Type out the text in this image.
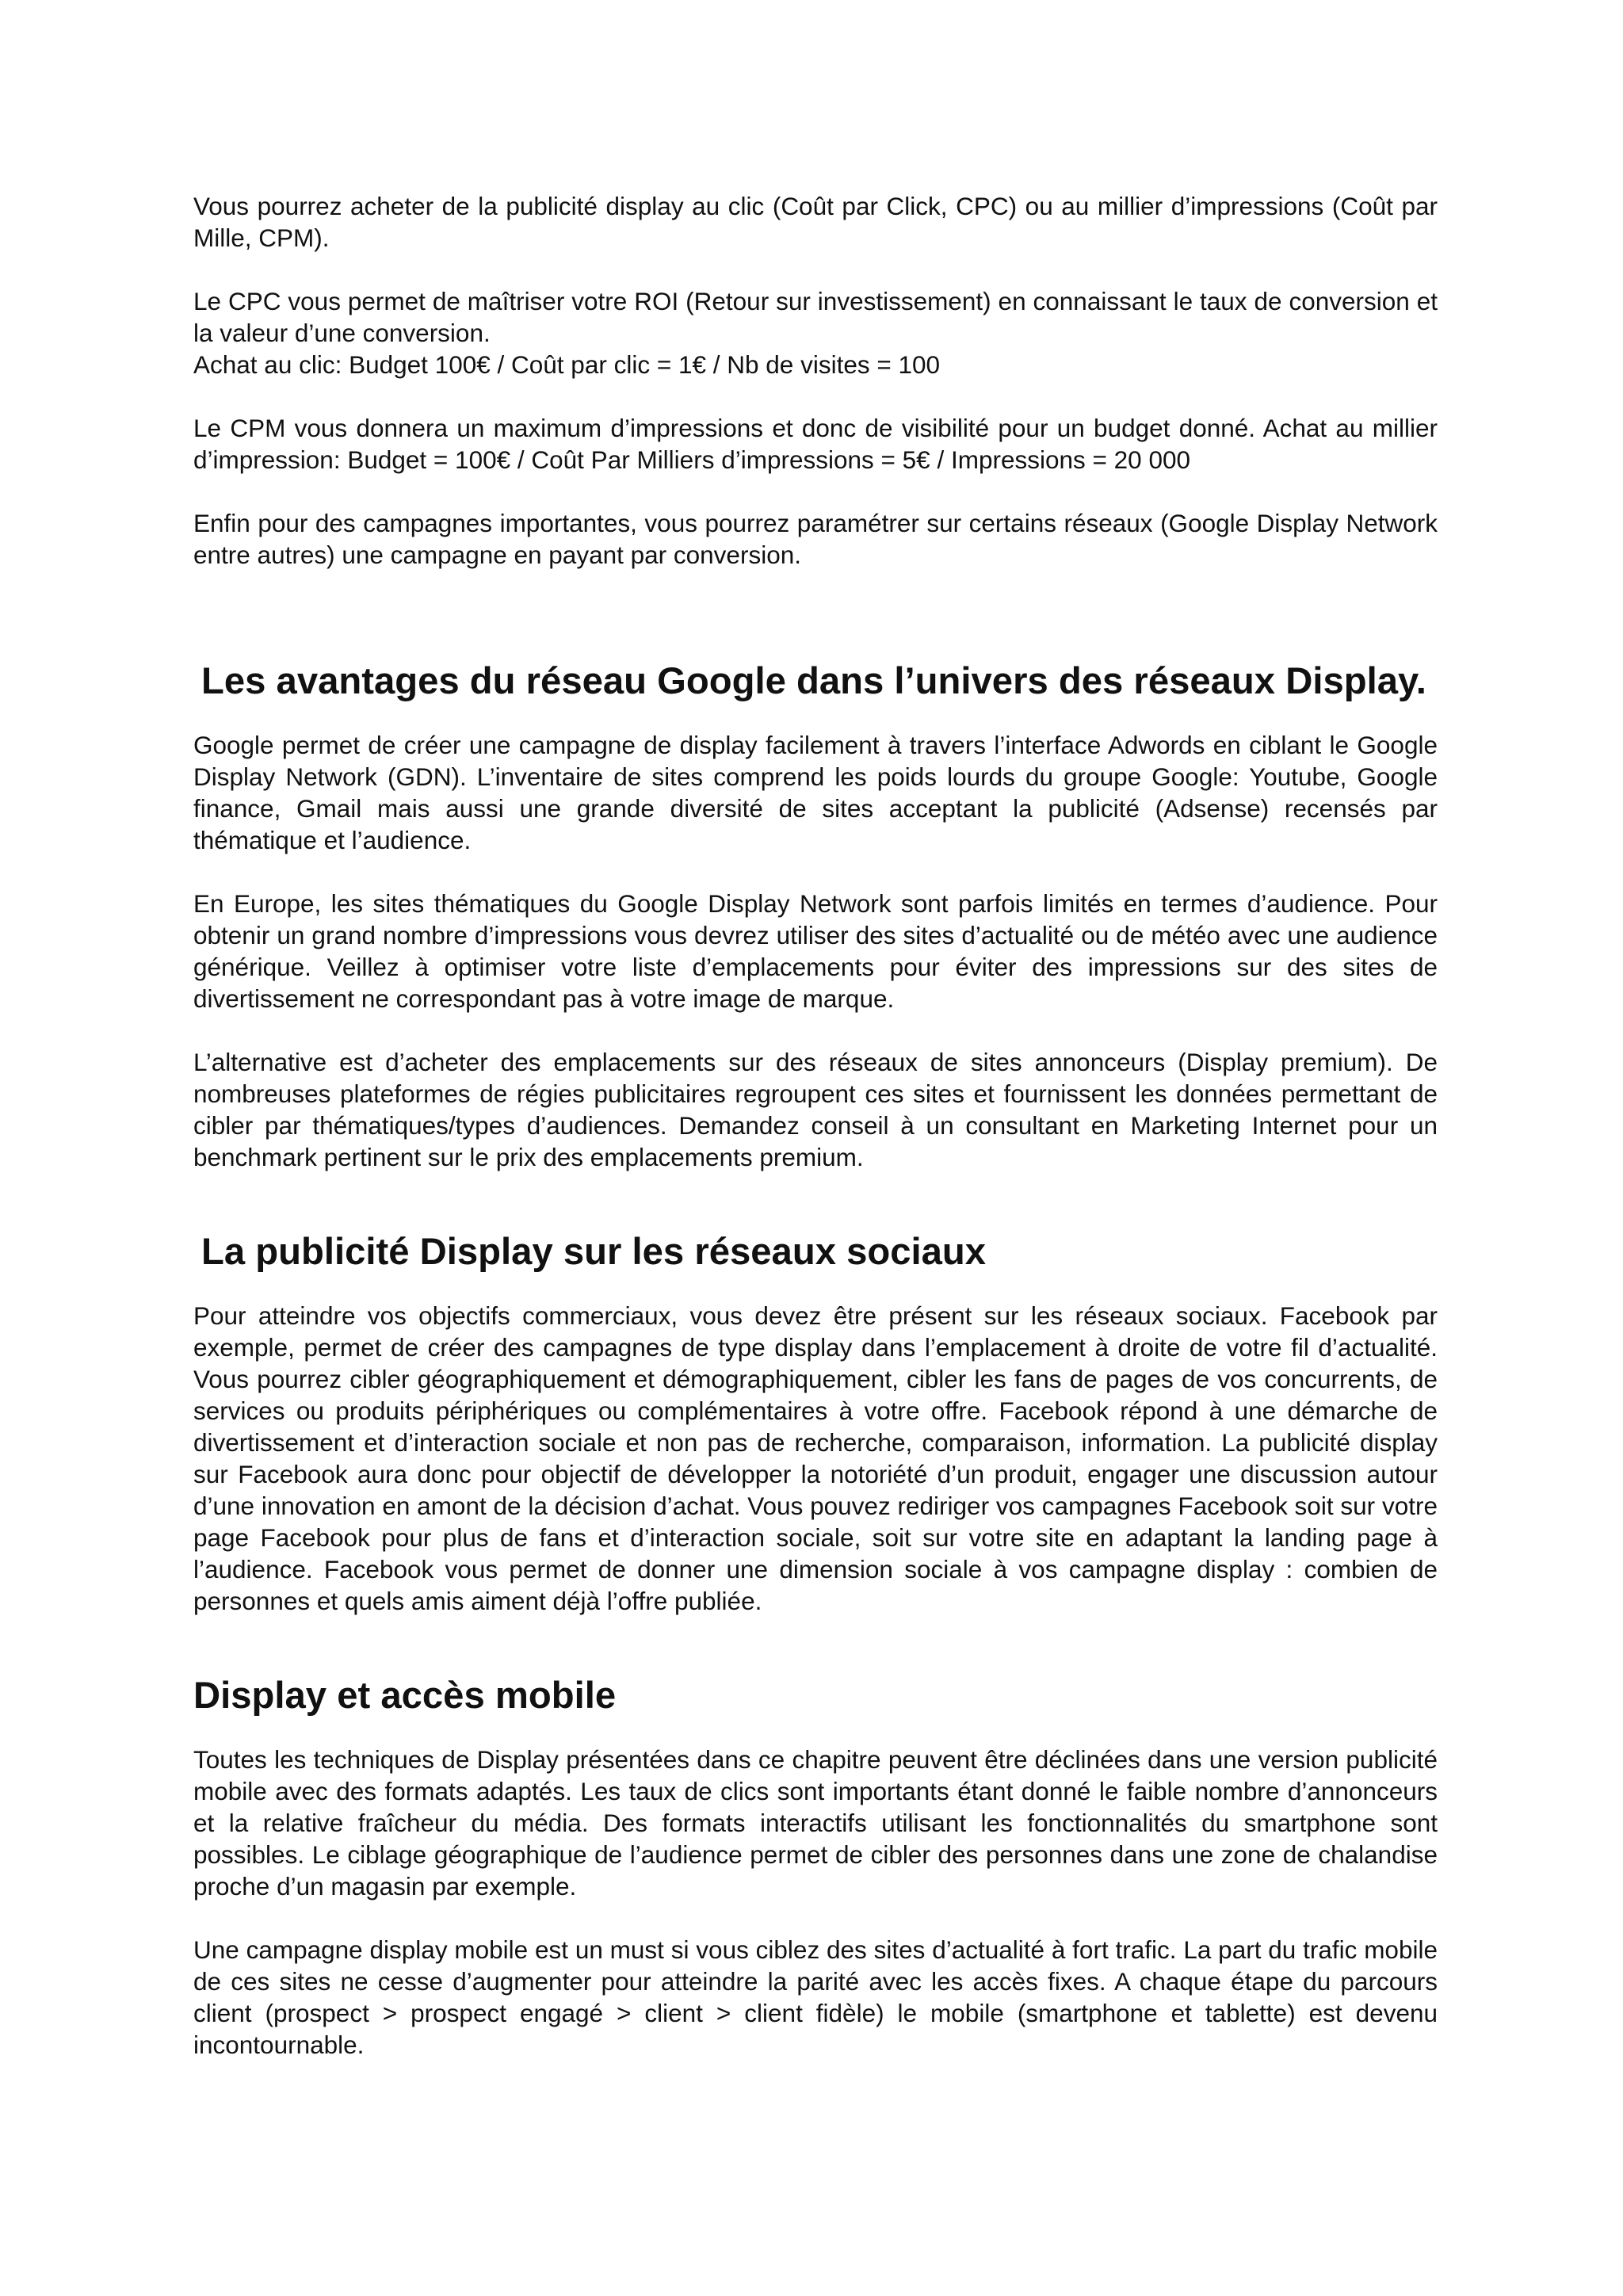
Vous pourrez acheter de la publicité display au clic (Coût par Click, CPC) ou au millier d’impressions (Coût par Mille, CPM).

Le CPC vous permet de maîtriser votre ROI (Retour sur investissement) en connaissant le taux de conversion et la valeur d’une conversion.

Achat au clic: Budget 100€ / Coût par clic = 1€ / Nb de visites = 100

Le CPM vous donnera un maximum d’impressions et donc de visibilité pour un budget donné. Achat au millier d’impression: Budget = 100€ / Coût Par Milliers d’impressions = 5€ / Impressions = 20 000

Enfin pour des campagnes importantes, vous pourrez paramétrer sur certains réseaux (Google Display Network entre autres) une campagne en payant par conversion.

Les avantages du réseau Google dans l’univers des réseaux Display.

Google permet de créer une campagne de display facilement à travers l’interface Adwords en ciblant le Google Display Network (GDN). L’inventaire de sites comprend les poids lourds du groupe Google: Youtube, Google finance, Gmail mais aussi une grande diversité de sites acceptant la publicité (Adsense) recensés par thématique et l’audience.

En Europe, les sites thématiques du Google Display Network sont parfois limités en termes d’audience. Pour obtenir un grand nombre d’impressions vous devrez utiliser des sites d’actualité ou de météo avec une audience générique. Veillez à optimiser votre liste d’emplacements pour éviter des impressions sur des sites de divertissement ne correspondant pas à votre image de marque.

L’alternative est d’acheter des emplacements sur des réseaux de sites annonceurs (Display premium). De nombreuses plateformes de régies publicitaires regroupent ces sites et fournissent les données permettant de cibler par thématiques/types d’audiences. Demandez conseil à un consultant en Marketing Internet pour un benchmark pertinent sur le prix des emplacements premium.

La publicité Display sur les réseaux sociaux

Pour atteindre vos objectifs commerciaux, vous devez être présent sur les réseaux sociaux. Facebook par exemple, permet de créer des campagnes de type display dans l’emplacement à droite de votre fil d’actualité. Vous pourrez cibler géographiquement et démographiquement, cibler les fans de pages de vos concurrents, de services ou produits périphériques ou complémentaires à votre offre. Facebook répond à une démarche de divertissement et d’interaction sociale et non pas de recherche, comparaison, information. La publicité display sur Facebook aura donc pour objectif de développer la notoriété d’un produit, engager une discussion autour d’une innovation en amont de la décision d’achat. Vous pouvez rediriger vos campagnes Facebook soit sur votre page Facebook pour plus de fans et d’interaction sociale, soit sur votre site en adaptant la landing page à l’audience. Facebook vous permet de donner une dimension sociale à vos campagne display : combien de personnes et quels amis aiment déjà l’offre publiée.

Display et accès mobile

Toutes les techniques de Display présentées dans ce chapitre peuvent être déclinées dans une version publicité mobile avec des formats adaptés. Les taux de clics sont importants étant donné le faible nombre d’annonceurs et la relative fraîcheur du média. Des formats interactifs utilisant les fonctionnalités du smartphone sont possibles. Le ciblage géographique de l’audience permet de cibler des personnes dans une zone de chalandise proche d’un magasin par exemple.

Une campagne display mobile est un must si vous ciblez des sites d’actualité à fort trafic. La part du trafic mobile de ces sites ne cesse d’augmenter pour atteindre la parité avec les accès fixes. A chaque étape du parcours client (prospect > prospect engagé > client > client fidèle) le mobile (smartphone et tablette) est devenu incontournable.
